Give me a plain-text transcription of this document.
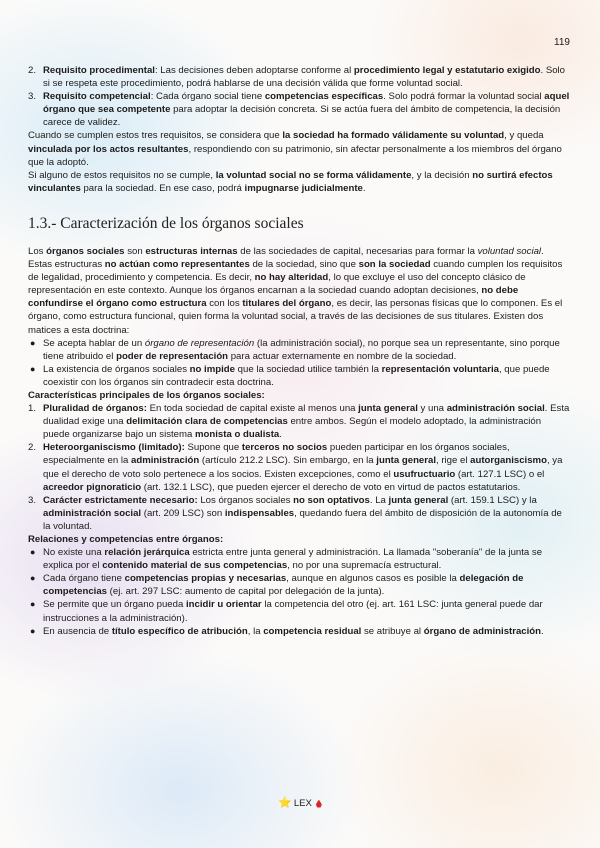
119
2. Requisito procedimental: Las decisiones deben adoptarse conforme al procedimiento legal y estatutario exigido. Solo si se respeta este procedimiento, podrá hablarse de una decisión válida que forme voluntad social.
3. Requisito competencial: Cada órgano social tiene competencias específicas. Solo podrá formar la voluntad social aquel órgano que sea competente para adoptar la decisión concreta. Si se actúa fuera del ámbito de competencia, la decisión carece de validez.

Cuando se cumplen estos tres requisitos, se considera que la sociedad ha formado válidamente su voluntad, y queda vinculada por los actos resultantes, respondiendo con su patrimonio, sin afectar personalmente a los miembros del órgano que la adoptó.

Si alguno de estos requisitos no se cumple, la voluntad social no se forma válidamente, y la decisión no surtirá efectos vinculantes para la sociedad. En ese caso, podrá impugnarse judicialmente.

1.3.- Caracterización de los órganos sociales

Los órganos sociales son estructuras internas de las sociedades de capital, necesarias para formar la voluntad social. Estas estructuras no actúan como representantes de la sociedad, sino que son la sociedad cuando cumplen los requisitos de legalidad, procedimiento y competencia. Es decir, no hay alteridad, lo que excluye el uso del concepto clásico de representación en este contexto. Aunque los órganos encarnan a la sociedad cuando adoptan decisiones, no debe confundirse el órgano como estructura con los titulares del órgano, es decir, las personas físicas que lo componen. Es el órgano, como estructura funcional, quien forma la voluntad social, a través de las decisiones de sus titulares. Existen dos matices a esta doctrina:

● Se acepta hablar de un órgano de representación (la administración social), no porque sea un representante, sino porque tiene atribuido el poder de representación para actuar externamente en nombre de la sociedad.
● La existencia de órganos sociales no impide que la sociedad utilice también la representación voluntaria, que puede coexistir con los órganos sin contradecir esta doctrina.

Características principales de los órganos sociales:

1. Pluralidad de órganos: En toda sociedad de capital existe al menos una junta general y una administración social. Esta dualidad exige una delimitación clara de competencias entre ambos. Según el modelo adoptado, la administración puede organizarse bajo un sistema monista o dualista.
2. Heteroorganiscismo (limitado): Supone que terceros no socios pueden participar en los órganos sociales, especialmente en la administración (artículo 212.2 LSC). Sin embargo, en la junta general, rige el autorganiscismo, ya que el derecho de voto solo pertenece a los socios. Existen excepciones, como el usufructuario (art. 127.1 LSC) o el acreedor pignoraticio (art. 132.1 LSC), que pueden ejercer el derecho de voto en virtud de pactos estatutarios.
3. Carácter estrictamente necesario: Los órganos sociales no son optativos. La junta general (art. 159.1 LSC) y la administración social (art. 209 LSC) son indispensables, quedando fuera del ámbito de disposición de la autonomía de la voluntad.

Relaciones y competencias entre órganos:

● No existe una relación jerárquica estricta entre junta general y administración. La llamada "soberanía" de la junta se explica por el contenido material de sus competencias, no por una supremacía estructural.
● Cada órgano tiene competencias propias y necesarias, aunque en algunos casos es posible la delegación de competencias (ej. art. 297 LSC: aumento de capital por delegación de la junta).
● Se permite que un órgano pueda incidir u orientar la competencia del otro (ej. art. 161 LSC: junta general puede dar instrucciones a la administración).
● En ausencia de título específico de atribución, la competencia residual se atribuye al órgano de administración.
⭐ LEX
